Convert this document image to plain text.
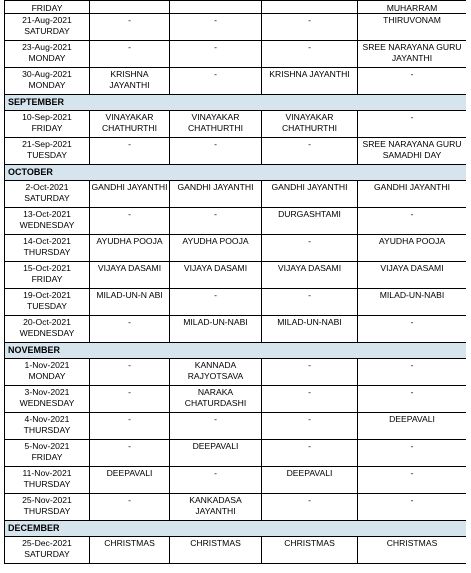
FRIDAY				MUHARRAM

21-Aug-2021
SATURDAY	-	-	-	THIRUVONAM

23-Aug-2021
MONDAY	-	-	-	SREE NARAYANA GURU JAYANTHI

30-Aug-2021
MONDAY	KRISHNA JAYANTHI	-	KRISHNA JAYANTHI	-
SEPTEMBER				

10-Sep-2021
FRIDAY	VINAYAKAR CHATHURTHI	VINAYAKAR CHATHURTHI	VINAYAKAR CHATHURTHI	-

21-Sep-2021
TUESDAY	-	-	-	SREE NARAYANA GURU SAMADHI DAY
OCTOBER				

2-Oct-2021
SATURDAY	GANDHI JAYANTHI	GANDHI JAYANTHI	GANDHI JAYANTHI	GANDHI JAYANTHI

13-Oct-2021
WEDNESDAY	-	-	DURGASHTAMI	-

14-Oct-2021
THURSDAY	AYUDHA POOJA	AYUDHA POOJA	-	AYUDHA POOJA

15-Oct-2021
FRIDAY	VIJAYA DASAMI	VIJAYA DASAMI	VIJAYA DASAMI	VIJAYA DASAMI

19-Oct-2021
TUESDAY	MILAD-UN-N ABI	-	-	MILAD-UN-NABI

20-Oct-2021
WEDNESDAY	-	MILAD-UN-NABI	MILAD-UN-NABI	-
NOVEMBER				

1-Nov-2021
MONDAY	-	KANNADA RAJYOTSAVA	-	-

3-Nov-2021
WEDNESDAY	-	NARAKA CHATURDASHI	-	-

4-Nov-2021
THURSDAY	-	-	-	DEEPAVALI

5-Nov-2021
FRIDAY	-	DEEPAVALI	-	-

11-Nov-2021
THURSDAY	DEEPAVALI	-	DEEPAVALI	-

25-Nov-2021
THURSDAY	-	KANKADASA JAYANTHI	-	-
DECEMBER				

25-Dec-2021
SATURDAY	CHRISTMAS	CHRISTMAS	CHRISTMAS	CHRISTMAS
